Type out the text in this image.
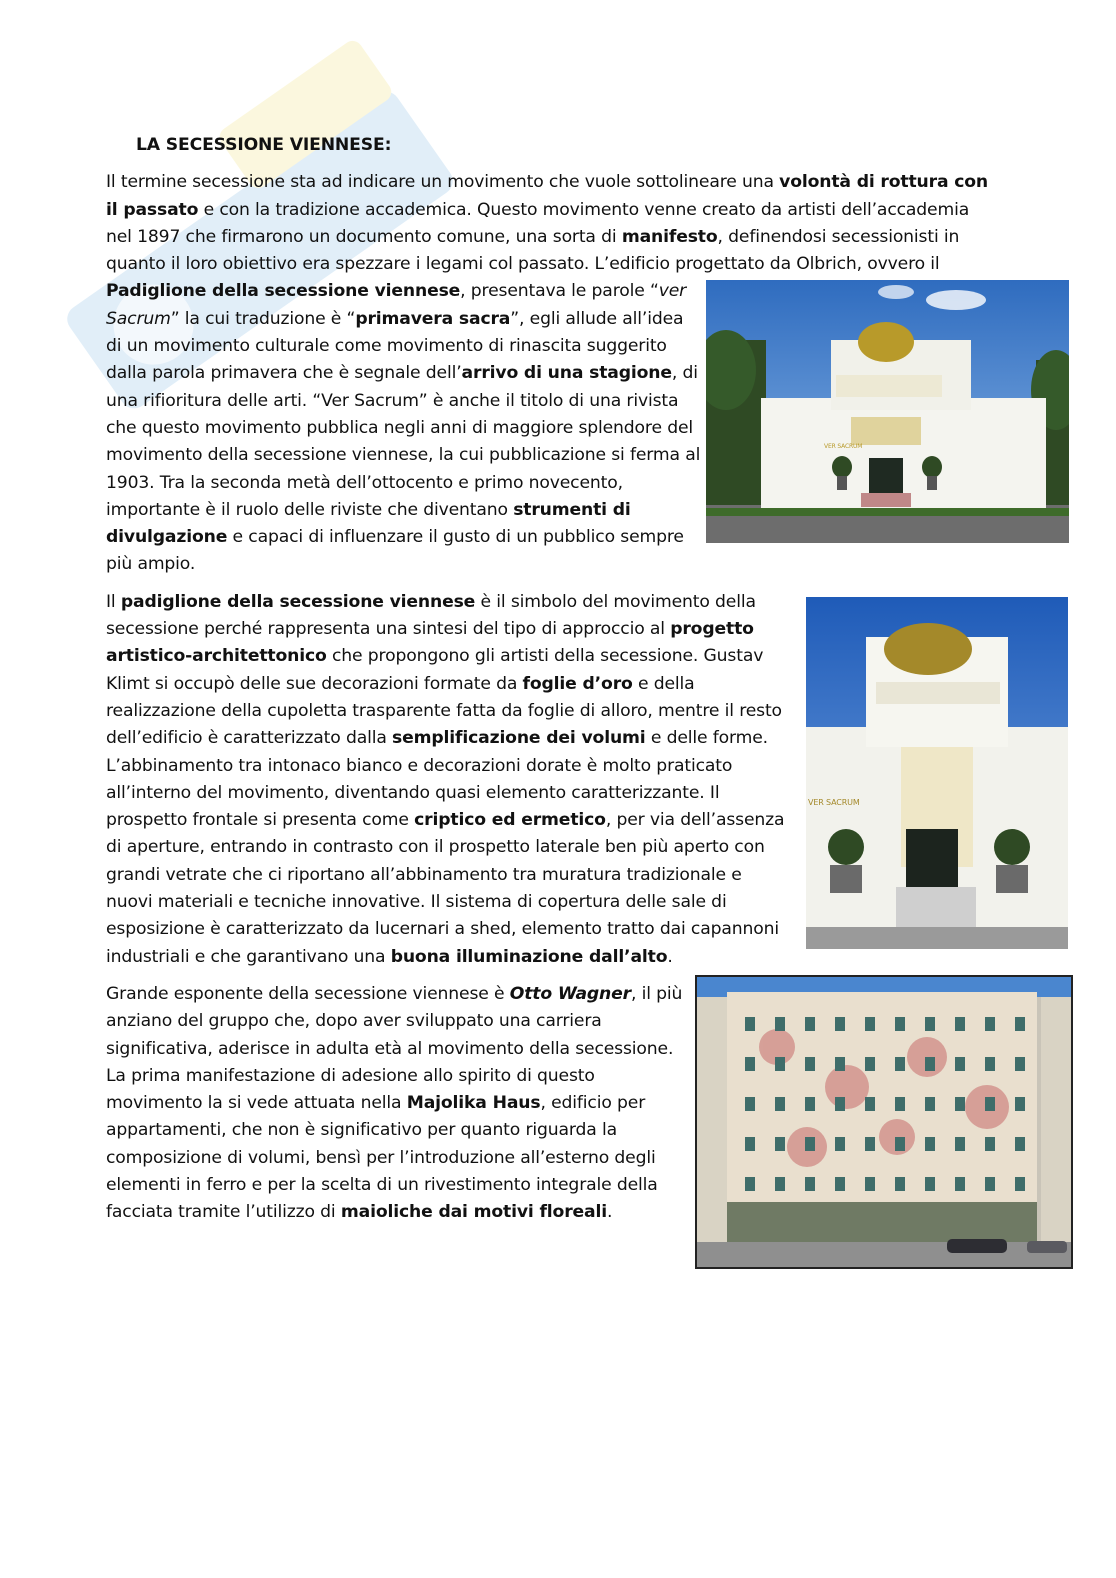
LA SECESSIONE VIENNESE:

Il termine secessione sta ad indicare un movimento che vuole sottolineare una volontà di rottura con il passato e con la tradizione accademica. Questo movimento venne creato da artisti dell’accademia nel 1897 che firmarono un documento comune, una sorta di manifesto, definendosi secessionisti in quanto il loro obiettivo era spezzare i legami col passato. L’edificio progettato da Olbrich, ovvero il
VER SACRUM
Padiglione della secessione viennese, presentava le parole “ver Sacrum” la cui traduzione è “primavera sacra”, egli allude all’idea di un movimento culturale come movimento di rinascita suggerito dalla parola primavera che è segnale dell’arrivo di una stagione, di una rifioritura delle arti. “Ver Sacrum” è anche il titolo di una rivista che questo movimento pubblica negli anni di maggiore splendore del movimento della secessione viennese, la cui pubblicazione si ferma al 1903. Tra la seconda metà dell’ottocento e primo novecento, importante è il ruolo delle riviste che diventano strumenti di divulgazione e capaci di influenzare il gusto di un pubblico sempre più ampio.

VER SACRUM
Il padiglione della secessione viennese è il simbolo del movimento della secessione perché rappresenta una sintesi del tipo di approccio al progetto artistico-architettonico che propongono gli artisti della secessione. Gustav Klimt si occupò delle sue decorazioni formate da foglie d’oro e della realizzazione della cupoletta trasparente fatta da foglie di alloro, mentre il resto dell’edificio è caratterizzato dalla semplificazione dei volumi e delle forme. L’abbinamento tra intonaco bianco e decorazioni dorate è molto praticato all’interno del movimento, diventando quasi elemento caratterizzante. Il prospetto frontale si presenta come criptico ed ermetico, per via dell’assenza di aperture, entrando in contrasto con il prospetto laterale ben più aperto con grandi vetrate che ci riportano all’abbinamento tra muratura tradizionale e nuovi materiali e tecniche innovative. Il sistema di copertura delle sale di esposizione è caratterizzato da lucernari a shed, elemento tratto dai capannoni industriali e che garantivano una
buona illuminazione dall’alto.

Grande esponente della secessione viennese è Otto Wagner, il più anziano del gruppo che, dopo aver sviluppato una carriera significativa, aderisce in adulta età al movimento della secessione. La prima manifestazione di adesione allo spirito di questo movimento la si vede attuata nella Majolika Haus, edificio per appartamenti, che non è significativo per quanto riguarda la composizione di volumi, bensì per l’introduzione all’esterno degli elementi in ferro e per la scelta di un rivestimento integrale della facciata tramite l’utilizzo di maioliche dai motivi floreali.
